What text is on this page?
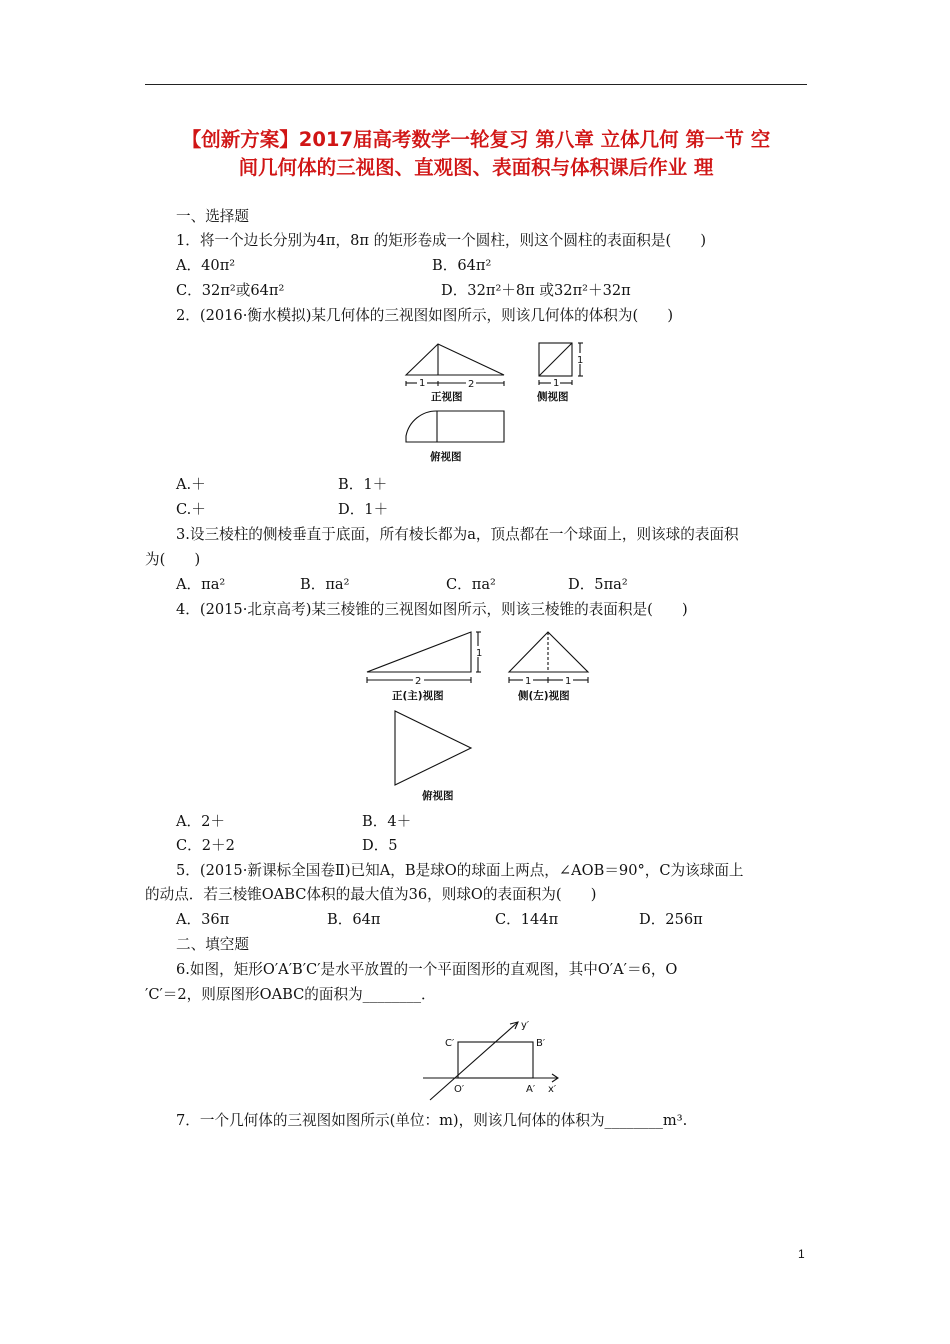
【创新方案】2017届高考数学一轮复习 第八章 立体几何 第一节 空
间几何体的三视图、直观图、表面积与体积课后作业 理
一、选择题
1．将一个边长分别为4π，8π 的矩形卷成一个圆柱，则这个圆柱的表面积是(　　)
A．40π²	B．64π²
C．32π²或64π²	D．32π²＋8π 或32π²＋32π
2．(2016·衡水模拟)某几何体的三视图如图所示，则该几何体的体积为(　　)
1	2
正视图
1
1
侧视图
俯视图
A.＋	B．1＋
C.＋	D．1＋
3.设三棱柱的侧棱垂直于底面，所有棱长都为a，顶点都在一个球面上，则该球的表面积
为(　　)
A．πa²	B．πa²	C．πa²	D．5πa²
4．(2015·北京高考)某三棱锥的三视图如图所示，则该三棱锥的表面积是(　　)
1
2
正(主)视图
1	1
侧(左)视图
俯视图
A．2＋	B．4＋
C．2＋2	D．5
5．(2015·新课标全国卷Ⅱ)已知A，B是球O的球面上两点，∠AOB＝90°，C为该球面上
的动点．若三棱锥OABC体积的最大值为36，则球O的表面积为(　　)
A．36π	B．64π	C．144π	D．256π
二、填空题
6.如图，矩形O′A′B′C′是水平放置的一个平面图形的直观图，其中O′A′＝6，O
′C′＝2，则原图形OABC的面积为________．
C′	B′
O′	A′ x′
y′
7．一个几何体的三视图如图所示(单位：m)，则该几何体的体积为________m³.
1
